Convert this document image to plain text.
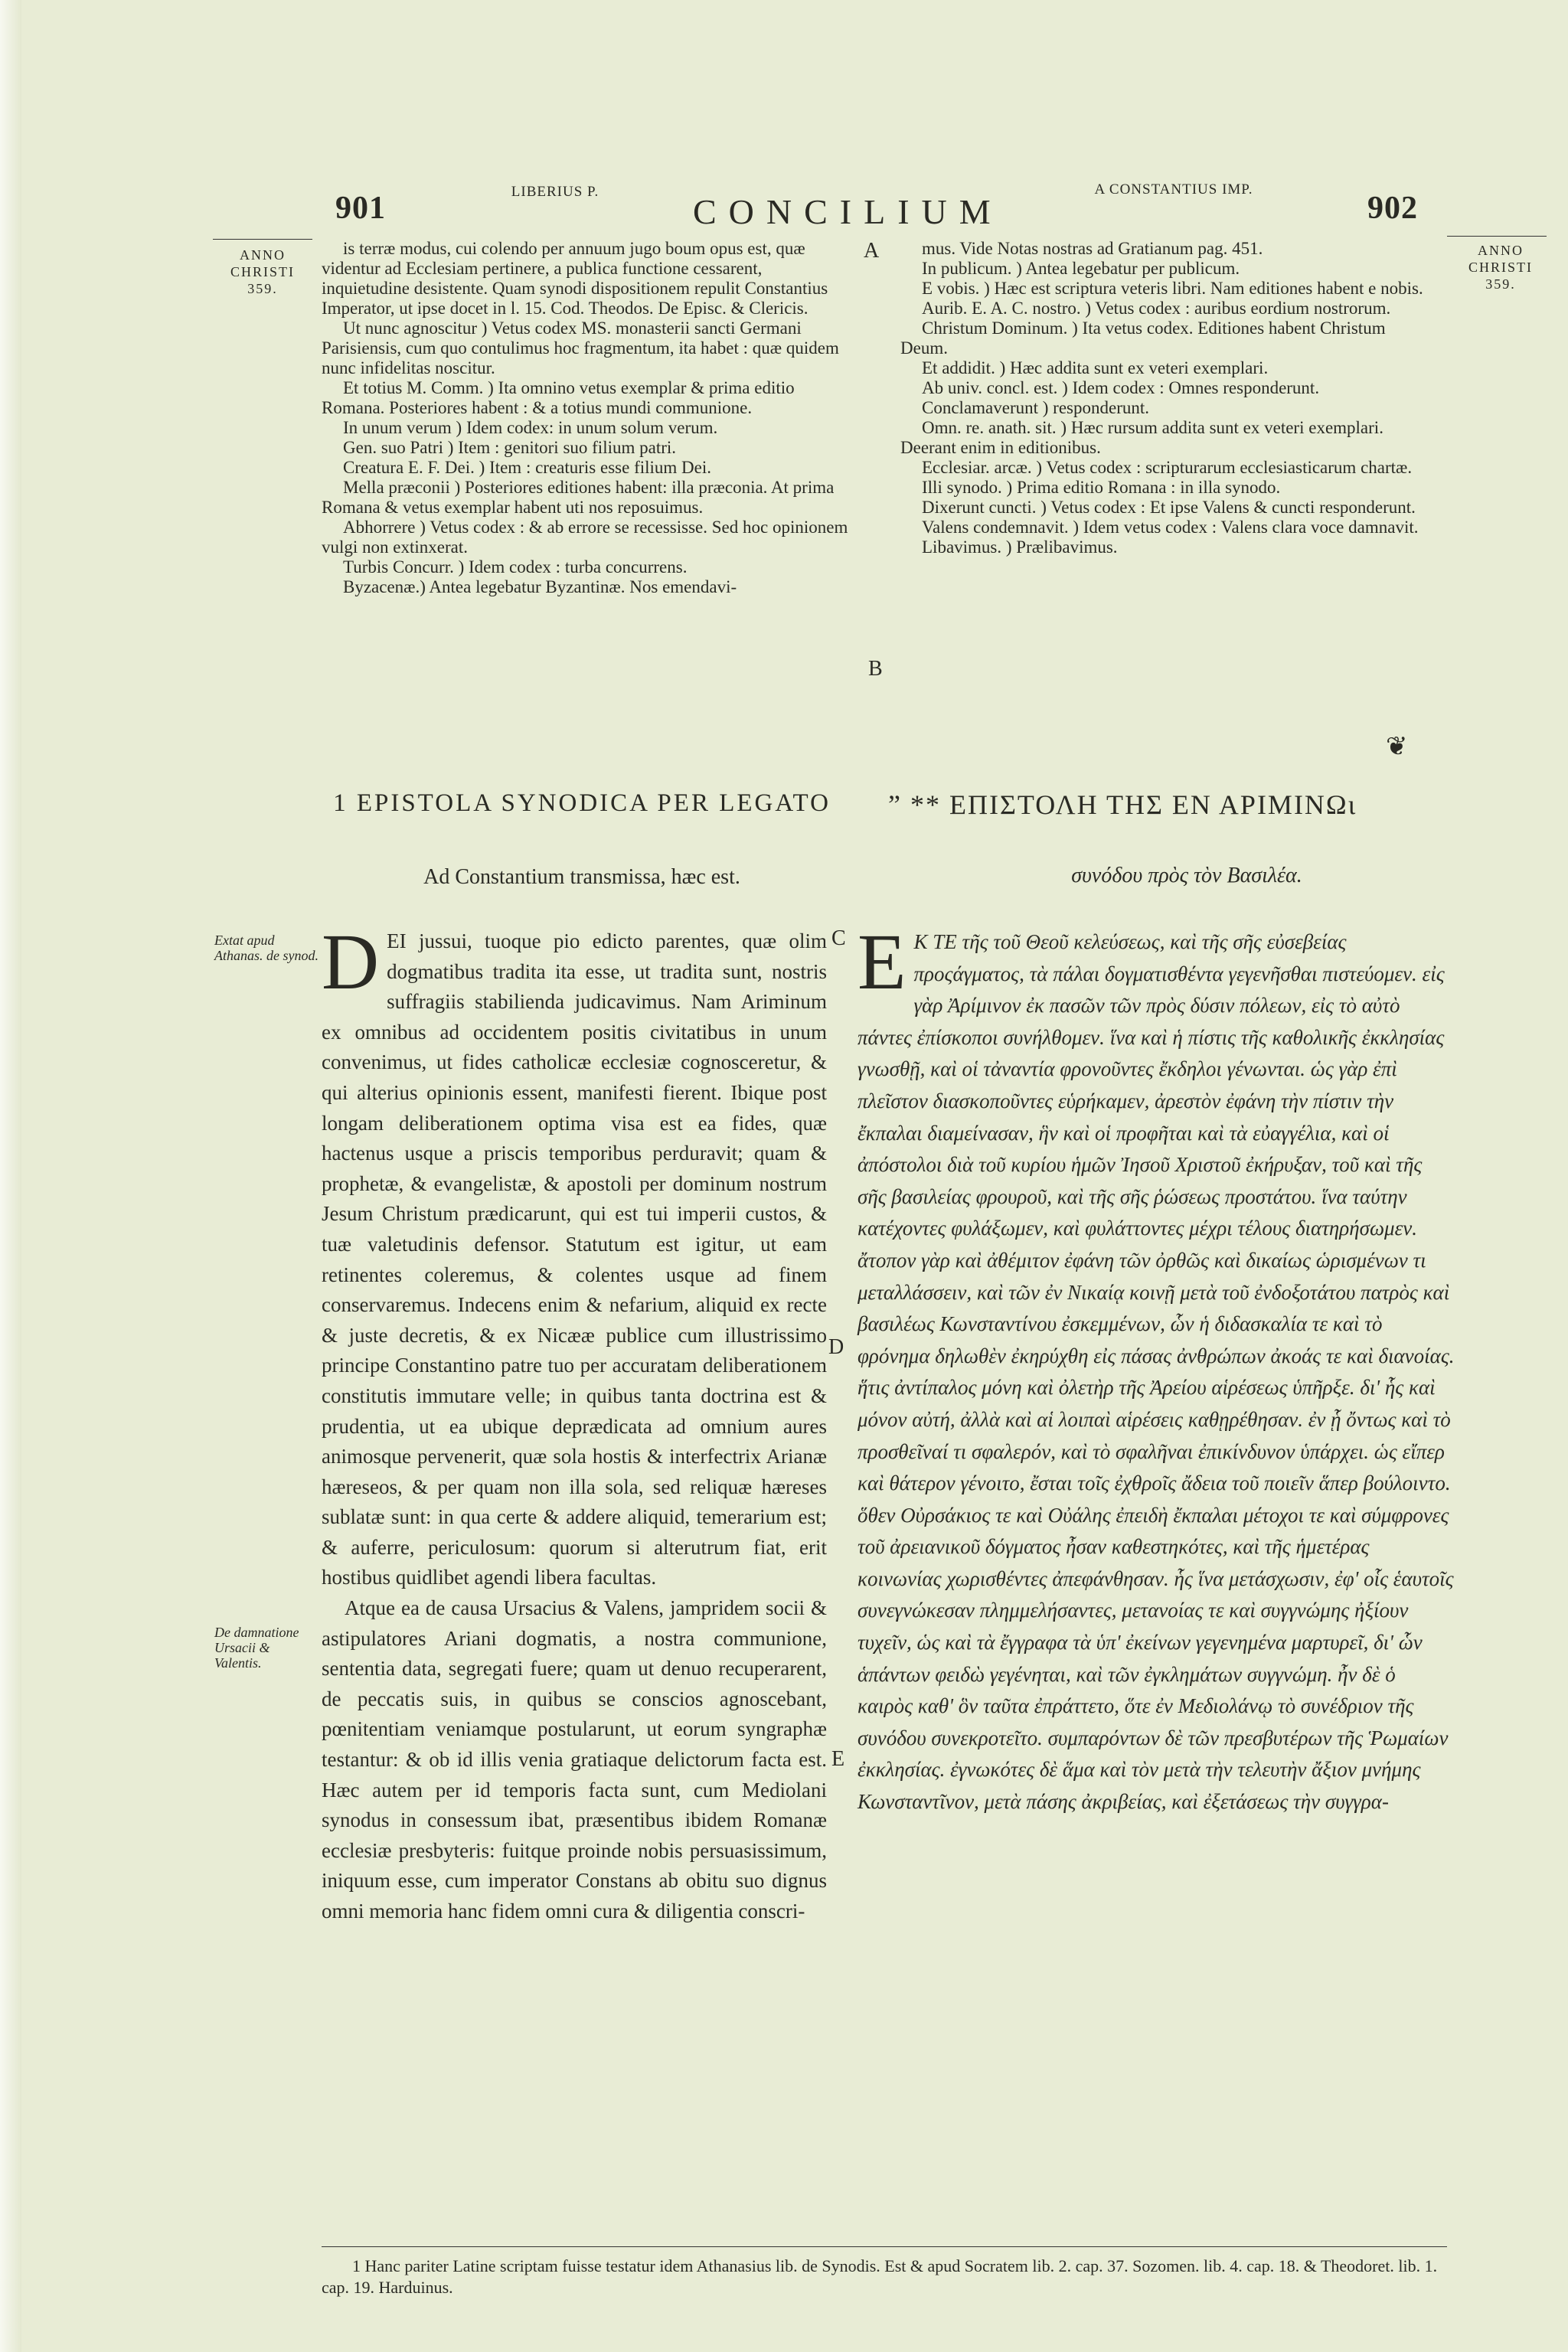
901	LIBERIUS P.
CONCILIUM
A CONSTANTIUS IMP.
902
ANNO
CHRISTI
359.
ANNO
CHRISTI
359.

is terræ modus, cui colendo per annuum jugo boum opus est, quæ videntur ad Ecclesiam pertinere, a publica functione cessarent, inquietudine desistente. Quam synodi dispositionem repulit Constantius Imperator, ut ipse docet in l. 15. Cod. Theodos. De Episc. & Clericis.

Ut nunc agnoscitur ) Vetus codex MS. monasterii sancti Germani Parisiensis, cum quo contulimus hoc fragmentum, ita habet : quæ quidem nunc infidelitas noscitur.

Et totius M. Comm. ) Ita omnino vetus exemplar & prima editio Romana. Posteriores habent : & a totius mundi communione.

In unum verum ) Idem codex: in unum solum verum.

Gen. suo Patri ) Item : genitori suo filium patri.

Creatura E. F. Dei. ) Item : creaturis esse filium Dei.

Mella præconii ) Posteriores editiones habent: illa præconia. At prima Romana & vetus exemplar habent uti nos reposuimus.

Abhorrere ) Vetus codex : & ab errore se recessisse. Sed hoc opinionem vulgi non extinxerat.

Turbis Concurr. ) Idem codex : turba concurrens.

Byzacenæ.) Antea legebatur Byzantinæ. Nos emendavi-

A
B

mus. Vide Notas nostras ad Gratianum pag. 451.

In publicum. ) Antea legebatur per publicum.

E vobis. ) Hæc est scriptura veteris libri. Nam editiones habent e nobis.

Aurib. E. A. C. nostro. ) Vetus codex : auribus eordium nostrorum.

Christum Dominum. ) Ita vetus codex. Editiones habent Christum Deum.

Et addidit. ) Hæc addita sunt ex veteri exemplari.

Ab univ. concl. est. ) Idem codex : Omnes responderunt.

Conclamaverunt ) responderunt.

Omn. re. anath. sit. ) Hæc rursum addita sunt ex veteri exemplari. Deerant enim in editionibus.

Ecclesiar. arcæ. ) Vetus codex : scripturarum ecclesiasticarum chartæ.

Illi synodo. ) Prima editio Romana : in illa synodo.

Dixerunt cuncti. ) Vetus codex : Et ipse Valens & cuncti responderunt.

Valens condemnavit. ) Idem vetus codex : Valens clara voce damnavit.

Libavimus. ) Prælibavimus.

❦
1 EPISTOLA SYNODICA PER LEGATO
Ad Constantium transmissa, hæc est.
” ** ΕΠΙΣΤΟΛΗ ΤΗΣ ΕΝ ΑΡΙΜΙΝΩι
συνόδου πρὸς τὸν Βασιλέα.
Extat apud Athanas. de synod.
De damnatione Ursacii & Valentis.

DEI jussui, tuoque pio edicto parentes, quæ olim dogmatibus tradita ita esse, ut tradita sunt, nostris suffragiis stabilienda judicavimus. Nam Ariminum ex omnibus ad occidentem positis civitatibus in unum convenimus, ut fides catholicæ ecclesiæ cognosceretur, & qui alterius opinionis essent, manifesti fierent. Ibique post longam deliberationem optima visa est ea fides, quæ hactenus usque a priscis temporibus perduravit; quam & prophetæ, & evangelistæ, & apostoli per dominum nostrum Jesum Christum prædicarunt, qui est tui imperii custos, & tuæ valetudinis defensor. Statutum est igitur, ut eam retinentes coleremus, & colentes usque ad finem conservaremus. Indecens enim & nefarium, aliquid ex recte & juste decretis, & ex Nicææ publice cum illustrissimo principe Constantino patre tuo per accuratam deliberationem constitutis immutare velle; in quibus tanta doctrina est & prudentia, ut ea ubique deprædicata ad omnium aures animosque pervenerit, quæ sola hostis & interfectrix Arianæ hæreseos, & per quam non illa sola, sed reliquæ hæreses sublatæ sunt: in qua certe & addere aliquid, temerarium est; & auferre, periculosum: quorum si alterutrum fiat, erit hostibus quidlibet agendi libera facultas.

Atque ea de causa Ursacius & Valens, jampridem socii & astipulatores Ariani dogmatis, a nostra communione, sententia data, segregati fuere; quam ut denuo recuperarent, de peccatis suis, in quibus se conscios agnoscebant, pœnitentiam veniamque postularunt, ut eorum syngraphæ testantur: & ob id illis venia gratiaque delictorum facta est. Hæc autem per id temporis facta sunt, cum Mediolani synodus in consessum ibat, præsentibus ibidem Romanæ ecclesiæ presbyteris: fuitque proinde nobis persuasissimum, iniquum esse, cum imperator Constans ab obitu suo dignus omni memoria hanc fidem omni cura & diligentia conscri-

C
D
E

Ε Κ ΤΕ τῆς τοῦ Θεοῦ κελεύσεως, καὶ τῆς σῆς εὐσεβείας προςάγματος, τὰ πάλαι δογματισθέντα γεγενῆσθαι πιστεύομεν. εἰς γὰρ Ἀρίμινον ἐκ πασῶν τῶν πρὸς δύσιν πόλεων, εἰς τὸ αὐτὸ πάντες ἐπίσκοποι συνήλθομεν. ἵνα καὶ ἡ πίστις τῆς καθολικῆς ἐκκλησίας γνωσθῇ, καὶ οἱ τἀναντία φρονοῦντες ἔκδηλοι γένωνται. ὡς γὰρ ἐπὶ πλεῖστον διασκοποῦντες εὑρήκαμεν, ἀρεστὸν ἐφάνη τὴν πίστιν τὴν ἔκπαλαι διαμείνασαν, ἣν καὶ οἱ προφῆται καὶ τὰ εὐαγγέλια, καὶ οἱ ἀπόστολοι διὰ τοῦ κυρίου ἡμῶν Ἰησοῦ Χριστοῦ ἐκήρυξαν, τοῦ καὶ τῆς σῆς βασιλείας φρουροῦ, καὶ τῆς σῆς ῥώσεως προστάτου. ἵνα ταύτην κατέχοντες φυλάξωμεν, καὶ φυλάττοντες μέχρι τέλους διατηρήσωμεν. ἄτοπον γὰρ καὶ ἀθέμιτον ἐφάνη τῶν ὀρθῶς καὶ δικαίως ὡρισμένων τι μεταλλάσσειν, καὶ τῶν ἐν Νικαίᾳ κοινῇ μετὰ τοῦ ἐνδοξοτάτου πατρὸς καὶ βασιλέως Κωνσταντίνου ἐσκεμμένων, ὧν ἡ διδασκαλία τε καὶ τὸ φρόνημα δηλωθὲν ἐκηρύχθη εἰς πάσας ἀνθρώπων ἀκοάς τε καὶ διανοίας. ἥτις ἀντίπαλος μόνη καὶ ὀλετὴρ τῆς Ἀρείου αἱρέσεως ὑπῆρξε. δι' ἧς καὶ μόνον αὐτή, ἀλλὰ καὶ αἱ λοιπαὶ αἱρέσεις καθῃρέθησαν. ἐν ᾗ ὄντως καὶ τὸ προσθεῖναί τι σφαλερόν, καὶ τὸ σφαλῆναι ἐπικίνδυνον ὑπάρχει. ὡς εἴπερ καὶ θάτερον γένοιτο, ἔσται τοῖς ἐχθροῖς ἄδεια τοῦ ποιεῖν ἅπερ βούλοιντο. ὅθεν Οὐρσάκιος τε καὶ Οὐάλης ἐπειδὴ ἔκπαλαι μέτοχοι τε καὶ σύμφρονες τοῦ ἀρειανικοῦ δόγματος ἦσαν καθεστηκότες, καὶ τῆς ἡμετέρας κοινωνίας χωρισθέντες ἀπεφάνθησαν. ἧς ἵνα μετάσχωσιν, ἐφ' οἷς ἑαυτοῖς συνεγνώκεσαν πλημμελήσαντες, μετανοίας τε καὶ συγγνώμης ἠξίουν τυχεῖν, ὡς καὶ τὰ ἔγγραφα τὰ ὑπ' ἐκείνων γεγενημένα μαρτυρεῖ, δι' ὧν ἁπάντων φειδὼ γεγένηται, καὶ τῶν ἐγκλημάτων συγγνώμη. ἦν δὲ ὁ καιρὸς καθ' ὃν ταῦτα ἐπράττετο, ὅτε ἐν Μεδιολάνῳ τὸ συνέδριον τῆς συνόδου συνεκροτεῖτο. συμπαρόντων δὲ τῶν πρεσβυτέρων τῆς Ῥωμαίων ἐκκλησίας. ἐγνωκότες δὲ ἅμα καὶ τὸν μετὰ τὴν τελευτὴν ἄξιον μνήμης Κωνσταντῖνον, μετὰ πάσης ἀκριβείας, καὶ ἐξετάσεως τὴν συγγρα-

1 Hanc pariter Latine scriptam fuisse testatur idem Athanasius lib. de Synodis. Est & apud Socratem lib. 2. cap. 37. Sozomen. lib. 4. cap. 18. & Theodoret. lib. 1. cap. 19. Harduinus.
